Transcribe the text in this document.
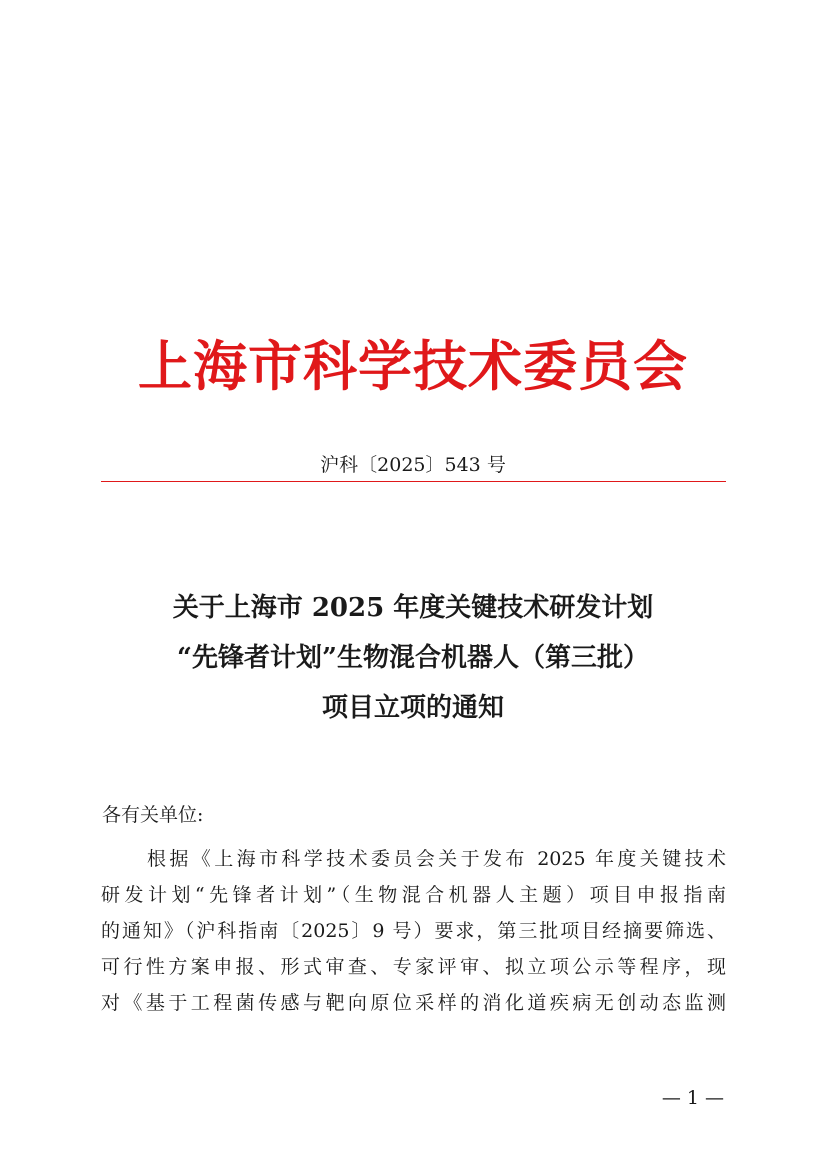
上海市科学技术委员会
沪科〔2025〕543 号
关于上海市 2025 年度关键技术研发计划
“先锋者计划”生物混合机器人（第三批）
项目立项的通知
各有关单位:
根据《上海市科学技术委员会关于发布 2025 年度关键技术
研发计划“先锋者计划”（生物混合机器人主题）项目申报指南
的通知》（沪科指南〔2025〕9 号）要求，第三批项目经摘要筛选、
可行性方案申报、形式审查、专家评审、拟立项公示等程序，现
对《基于工程菌传感与靶向原位采样的消化道疾病无创动态监测
— 1 —
